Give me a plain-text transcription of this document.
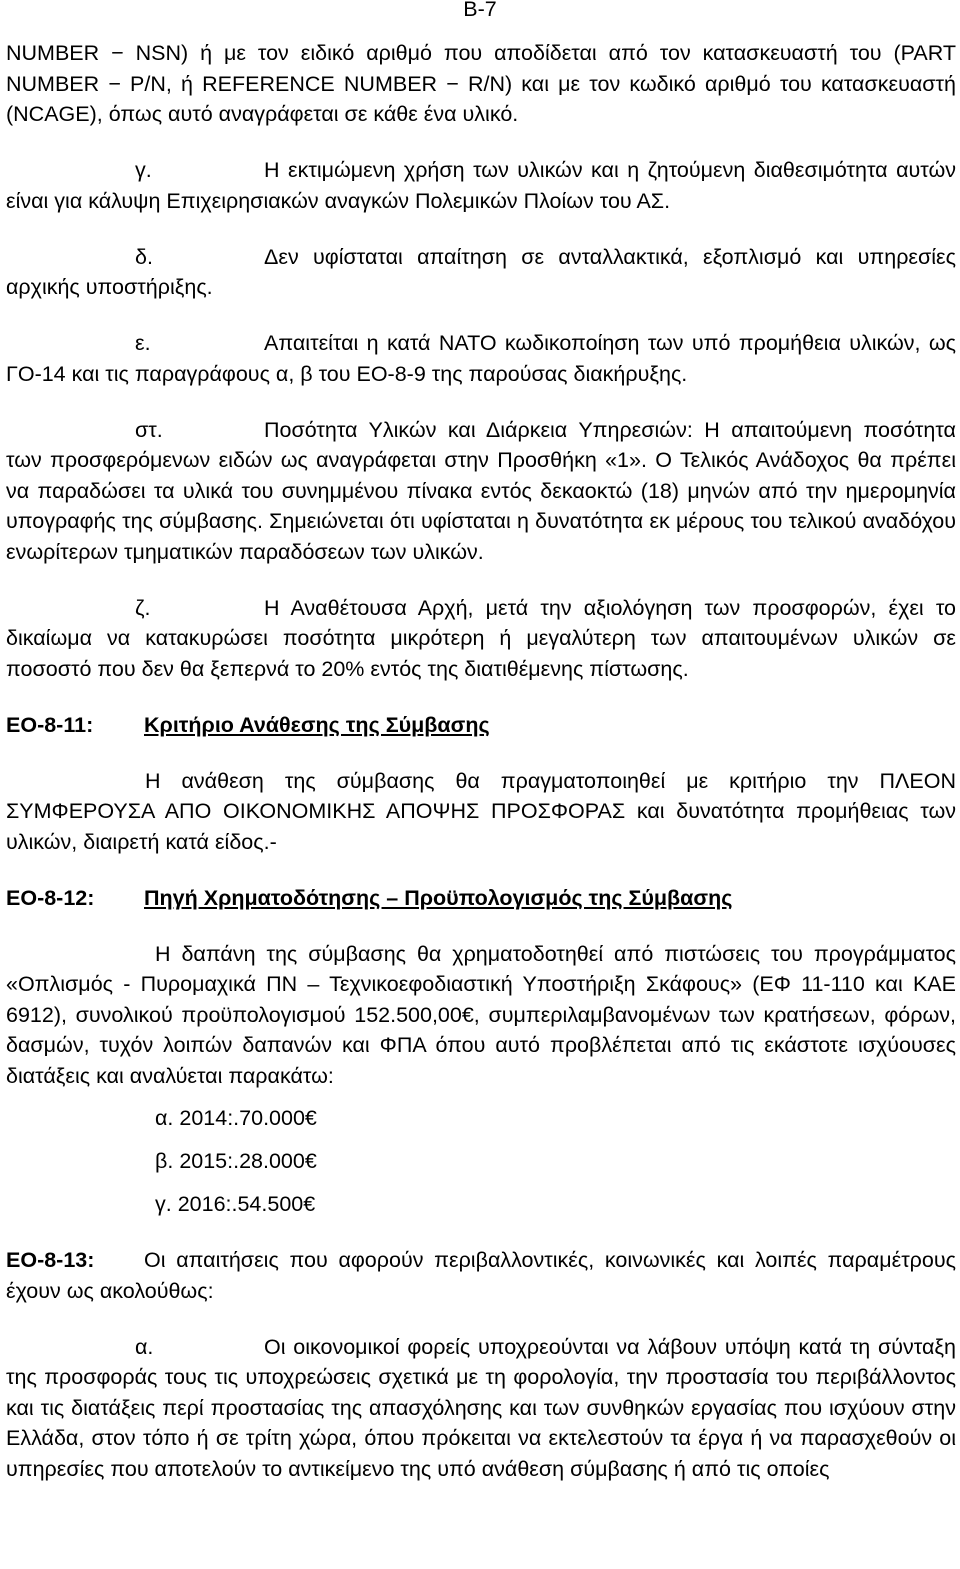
Β-7

NUMBER − NSN) ή με τον ειδικό αριθμό που αποδίδεται από τον κατασκευαστή του (PART NUMBER − P/N, ή REFERENCE NUMBER − R/N) και με τον κωδικό αριθμό του κατασκευαστή (NCAGE), όπως αυτό αναγράφεται σε κάθε ένα υλικό.

γ.	Η εκτιμώμενη χρήση των υλικών και η ζητούμενη διαθεσιμότητα αυτών είναι για κάλυψη Επιχειρησιακών αναγκών Πολεμικών Πλοίων του ΑΣ.

δ.	Δεν υφίσταται απαίτηση σε ανταλλακτικά, εξοπλισμό και υπηρεσίες αρχικής υποστήριξης.

ε.	Απαιτείται η κατά ΝΑΤΟ κωδικοποίηση των υπό προμήθεια υλικών, ως ΓΟ-14 και τις παραγράφους α, β του ΕΟ-8-9 της παρούσας διακήρυξης.

στ.	Ποσότητα Υλικών και Διάρκεια Υπηρεσιών: Η απαιτούμενη ποσότητα των προσφερόμενων ειδών ως αναγράφεται στην Προσθήκη «1». Ο Τελικός Ανάδοχος θα πρέπει να παραδώσει τα υλικά του συνημμένου πίνακα εντός δεκαοκτώ (18) μηνών από την ημερομηνία υπογραφής της σύμβασης. Σημειώνεται ότι υφίσταται η δυνατότητα εκ μέρους του τελικού αναδόχου ενωρίτερων τμηματικών παραδόσεων των υλικών.

ζ.	Η Αναθέτουσα Αρχή, μετά την αξιολόγηση των προσφορών, έχει το δικαίωμα να κατακυρώσει ποσότητα μικρότερη ή μεγαλύτερη των απαιτουμένων υλικών σε ποσοστό που δεν θα ξεπερνά το 20% εντός της διατιθέμενης πίστωσης.

ΕΟ-8-11: Κριτήριο Ανάθεσης της Σύμβασης

Η ανάθεση της σύμβασης θα πραγματοποιηθεί με κριτήριο την ΠΛΕΟΝ ΣΥΜΦΕΡΟΥΣΑ ΑΠΟ ΟΙΚΟΝΟΜΙΚΗΣ ΑΠΟΨΗΣ ΠΡΟΣΦΟΡΑΣ και δυνατότητα προμήθειας των υλικών, διαιρετή κατά είδος.-

ΕΟ-8-12: Πηγή Χρηματοδότησης – Προϋπολογισμός της Σύμβασης

Η δαπάνη της σύμβασης θα χρηματοδοτηθεί από πιστώσεις του προγράμματος «Οπλισμός - Πυρομαχικά ΠΝ – Τεχνικοεφοδιαστική Υποστήριξη Σκάφους» (ΕΦ 11-110 και ΚΑΕ 6912), συνολικού προϋπολογισμού 152.500,00€, συμπεριλαμβανομένων των κρατήσεων, φόρων, δασμών, τυχόν λοιπών δαπανών και ΦΠΑ όπου αυτό προβλέπεται από τις εκάστοτε ισχύουσες διατάξεις και αναλύεται παρακάτω:

α. 2014:.70.000€

β. 2015:.28.000€

γ. 2016:.54.500€

ΕΟ-8-13: Οι απαιτήσεις που αφορούν περιβαλλοντικές, κοινωνικές και λοιπές παραμέτρους έχουν ως ακολούθως:

α.	Οι οικονομικοί φορείς υποχρεούνται να λάβουν υπόψη κατά τη σύνταξη της προσφοράς τους τις υποχρεώσεις σχετικά με τη φορολογία, την προστασία του περιβάλλοντος και τις διατάξεις περί προστασίας της απασχόλησης και των συνθηκών εργασίας που ισχύουν στην Ελλάδα, στον τόπο ή σε τρίτη χώρα, όπου πρόκειται να εκτελεστούν τα έργα ή να παρασχεθούν οι υπηρεσίες που αποτελούν το αντικείμενο της υπό ανάθεση σύμβασης ή από τις οποίες
